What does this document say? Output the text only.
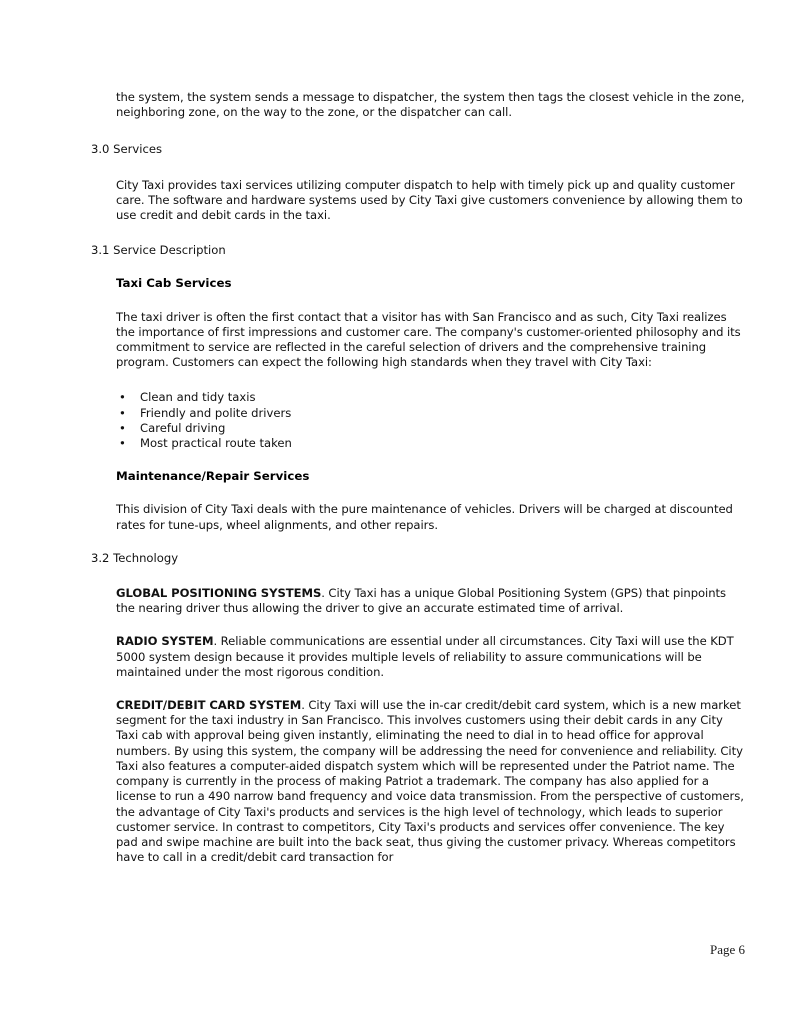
the system, the system sends a message to dispatcher, the system then tags the closest vehicle in the zone, neighboring zone, on the way to the zone, or the dispatcher can call.

3.0 Services

City Taxi provides taxi services utilizing computer dispatch to help with timely pick up and quality customer care. The software and hardware systems used by City Taxi give customers convenience by allowing them to use credit and debit cards in the taxi.

3.1 Service Description

Taxi Cab Services

The taxi driver is often the first contact that a visitor has with San Francisco and as such, City Taxi realizes the importance of first impressions and customer care. The company's customer-oriented philosophy and its commitment to service are reflected in the careful selection of drivers and the comprehensive training program. Customers can expect the following high standards when they travel with City Taxi:

• Clean and tidy taxis
• Friendly and polite drivers
• Careful driving
• Most practical route taken

Maintenance/Repair Services

This division of City Taxi deals with the pure maintenance of vehicles. Drivers will be charged at discounted rates for tune-ups, wheel alignments, and other repairs.

3.2 Technology

GLOBAL POSITIONING SYSTEMS. City Taxi has a unique Global Positioning System (GPS) that pinpoints the nearing driver thus allowing the driver to give an accurate estimated time of arrival.

RADIO SYSTEM. Reliable communications are essential under all circumstances. City Taxi will use the KDT 5000 system design because it provides multiple levels of reliability to assure communications will be maintained under the most rigorous condition.

CREDIT/DEBIT CARD SYSTEM. City Taxi will use the in-car credit/debit card system, which is a new market segment for the taxi industry in San Francisco. This involves customers using their debit cards in any City Taxi cab with approval being given instantly, eliminating the need to dial in to head office for approval numbers. By using this system, the company will be addressing the need for convenience and reliability. City Taxi also features a computer-aided dispatch system which will be represented under the Patriot name. The company is currently in the process of making Patriot a trademark. The company has also applied for a license to run a 490 narrow band frequency and voice data transmission. From the perspective of customers, the advantage of City Taxi's products and services is the high level of technology, which leads to superior customer service. In contrast to competitors, City Taxi's products and services offer convenience. The key pad and swipe machine are built into the back seat, thus giving the customer privacy. Whereas competitors have to call in a credit/debit card transaction for

Page 6
